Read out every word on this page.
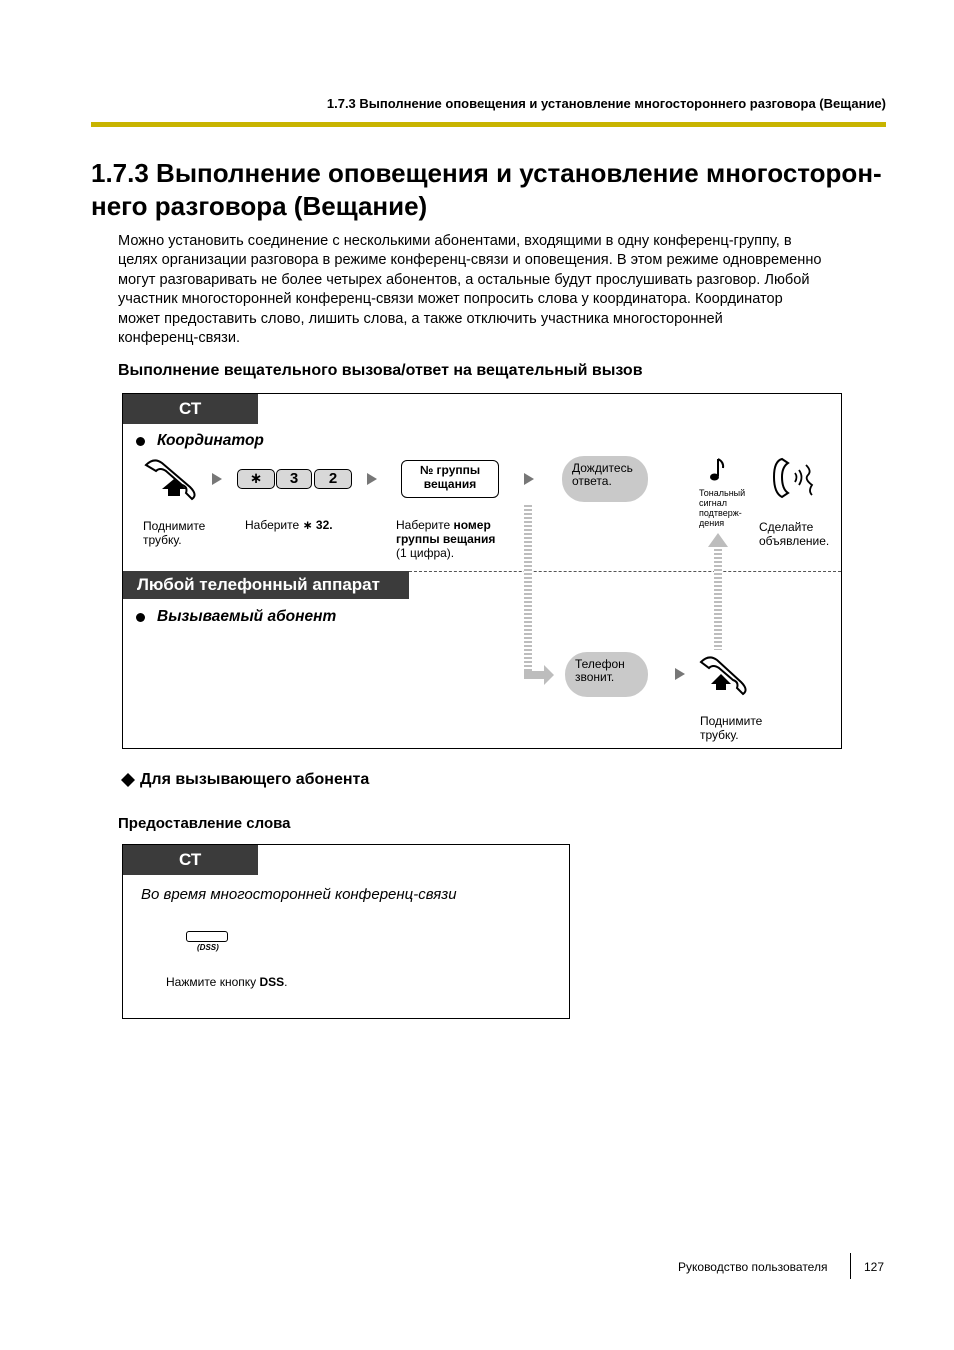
1.7.3 Выполнение оповещения и установление многостороннего разговора (Вещание)
1.7.3 Выполнение оповещения и установление многосторон-
него разговора (Вещание)
Можно установить соединение с несколькими абонентами, входящими в одну конференц-группу, в
целях организации разговора в режиме конференц-связи и оповещения. В этом режиме одновременно
могут разговаривать не более четырех абонентов, а остальные будут прослушивать разговор. Любой
участник многосторонней конференц-связи может попросить слова у координатора. Координатор
может предоставить слово, лишить слова, а также отключить участника многосторонней
конференц-связи.
Выполнение вещательного вызова/ответ на вещательный вызов
СТ
Координатор
Поднимите
трубку.
∗	3	2
Наберите ∗ 32.
№ группы
вещания
Наберите номер
группы вещания
(1 цифра).
Дождитесь
ответа.
Тональный
сигнал
подтверж-
дения	Сделайте
объявление.
Любой телефонный аппарат
Вызываемый абонент
Телефон
звонит.
Поднимите
трубку.
Для вызывающего абонента
Предоставление слова
СТ
Во время многосторонней конференц-связи
(DSS)
Нажмите кнопку DSS.
Руководство пользователя	127
